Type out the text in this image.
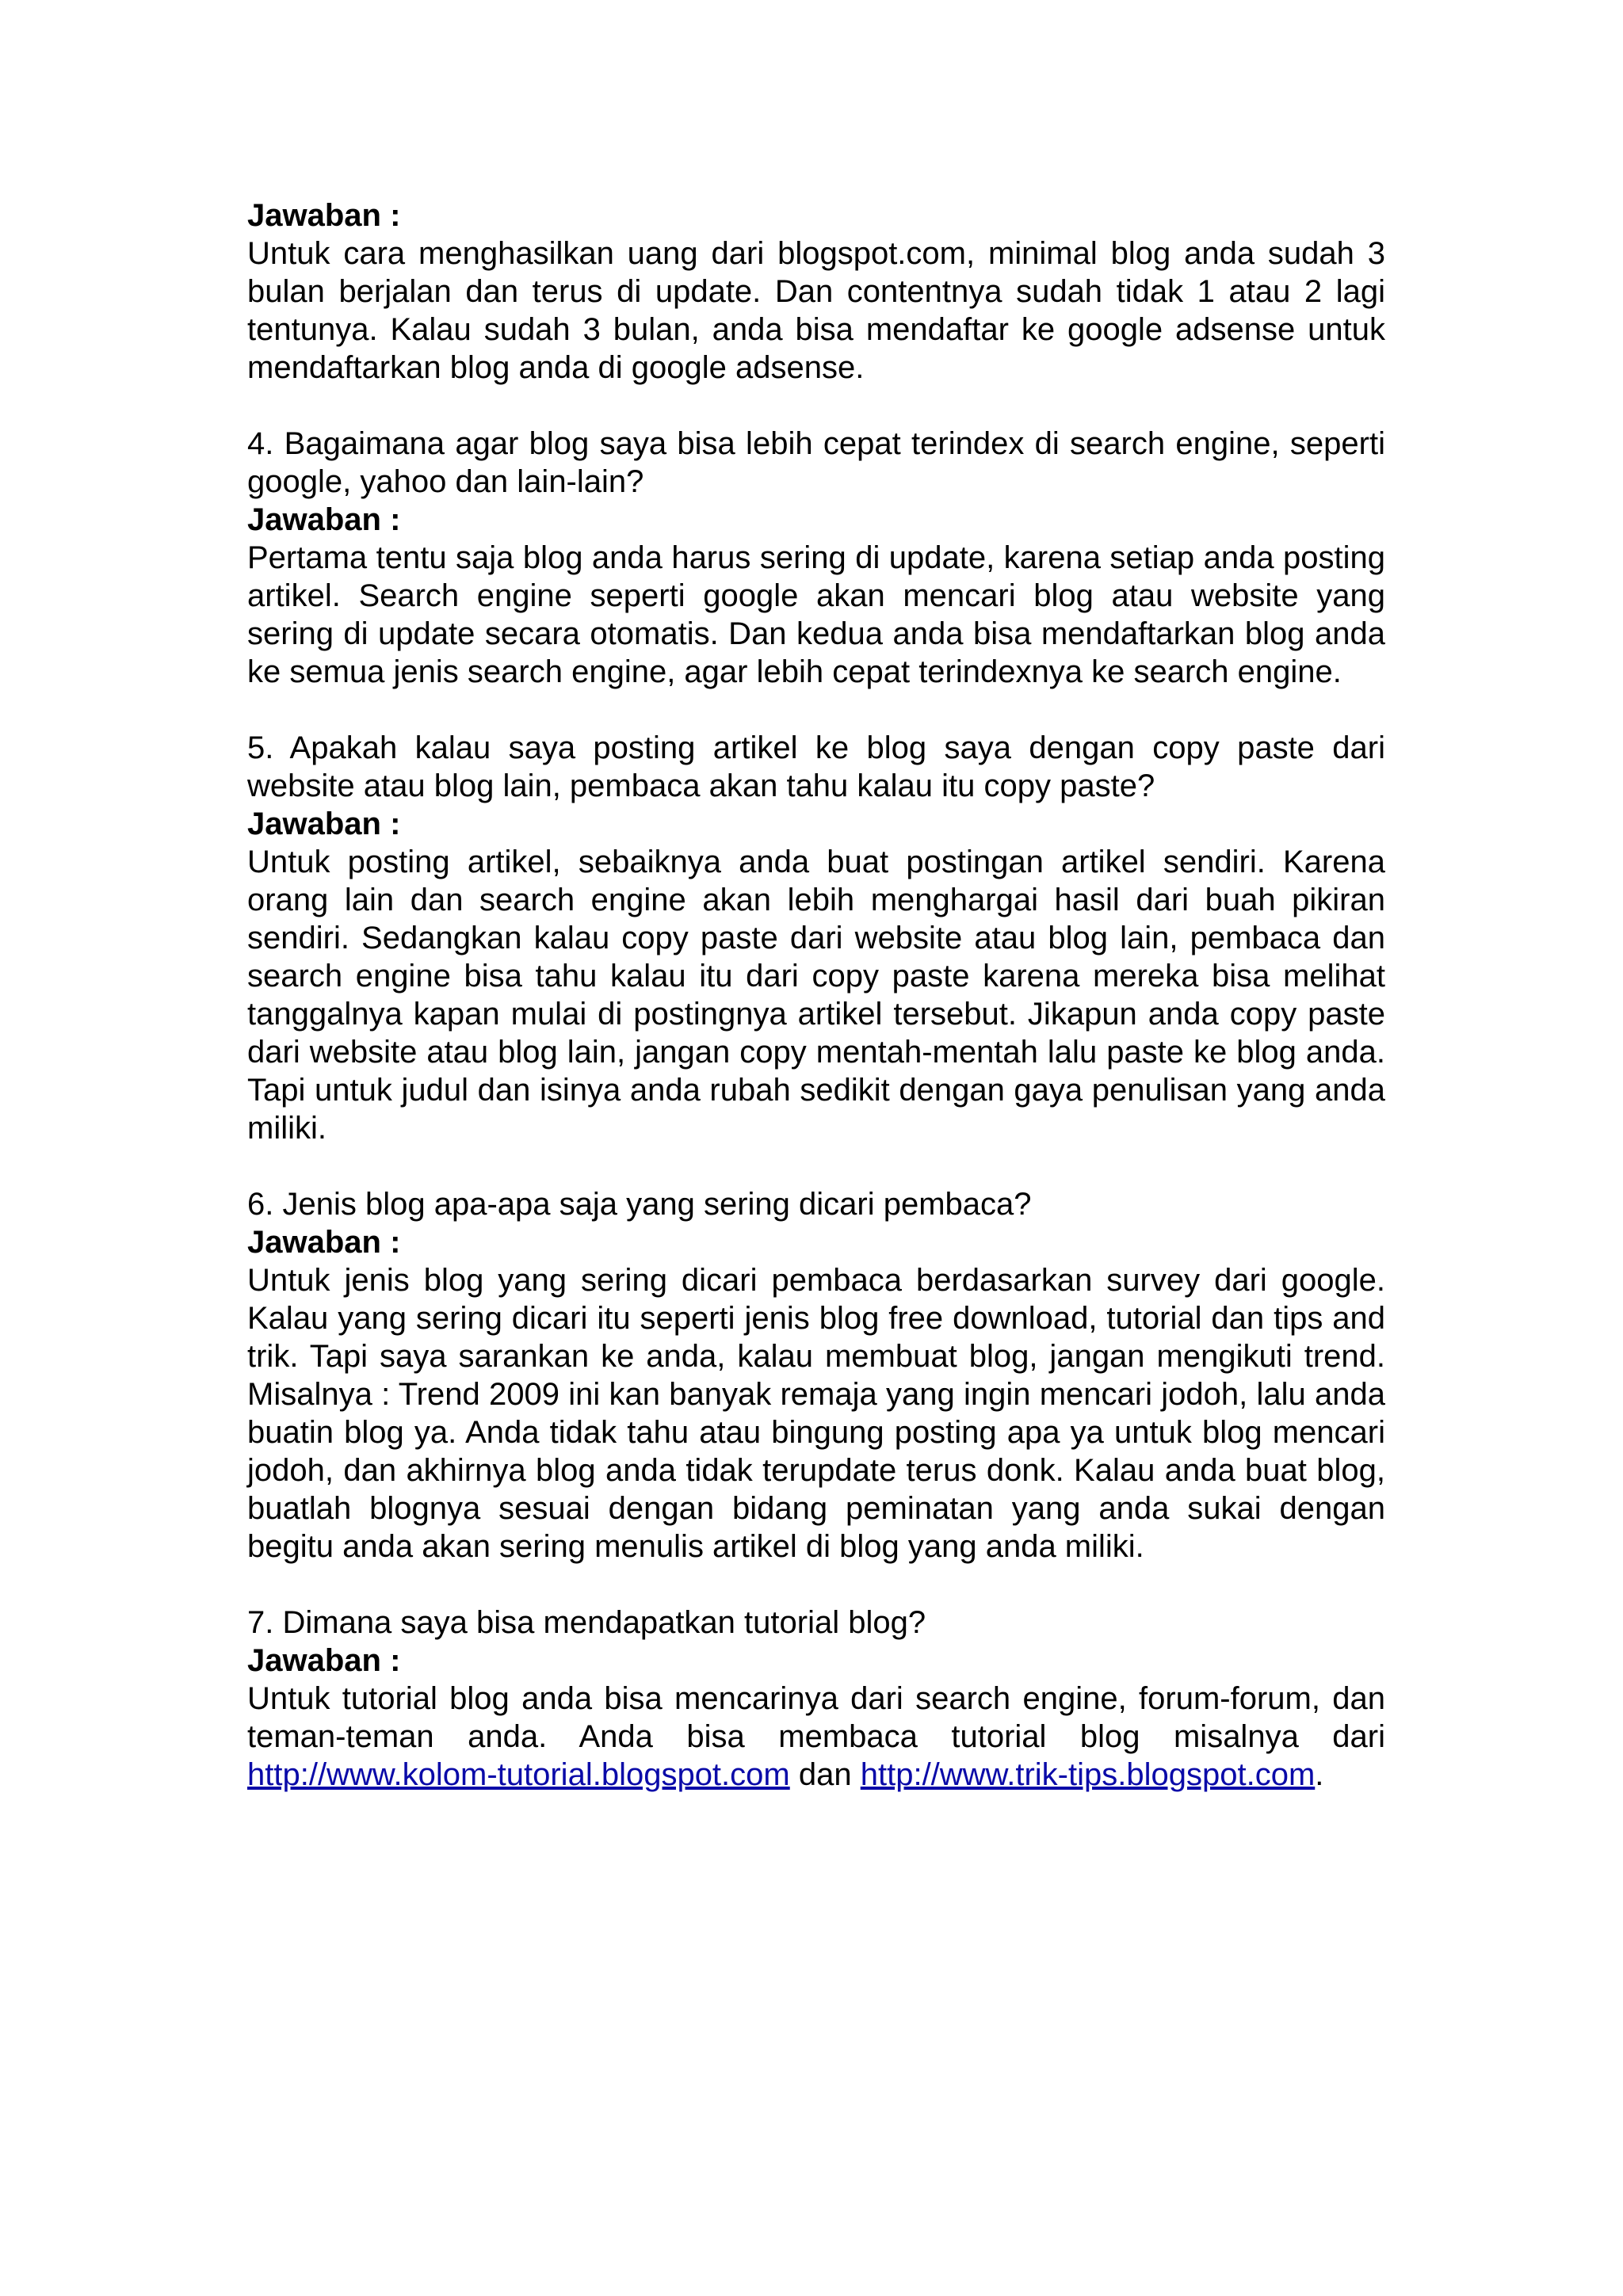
Jawaban :
Untuk cara menghasilkan uang dari blogspot.com, minimal blog anda sudah 3 bulan berjalan dan terus di update. Dan contentnya sudah tidak 1 atau 2 lagi tentunya. Kalau sudah 3 bulan, anda bisa mendaftar ke google adsense untuk mendaftarkan blog anda di google adsense.
4. Bagaimana agar blog saya bisa lebih cepat terindex di search engine, seperti google, yahoo dan lain-lain?
Jawaban :
Pertama tentu saja blog anda harus sering di update, karena setiap anda posting artikel. Search engine seperti google akan mencari blog atau website yang sering di update secara otomatis. Dan kedua anda bisa mendaftarkan blog anda ke semua jenis search engine, agar lebih cepat terindexnya ke search engine.
5. Apakah kalau saya posting artikel ke blog saya dengan copy paste dari website atau blog lain, pembaca akan tahu kalau itu copy paste?
Jawaban :
Untuk posting artikel, sebaiknya anda buat postingan artikel sendiri. Karena orang lain dan search engine akan lebih menghargai hasil dari buah pikiran sendiri. Sedangkan kalau copy paste dari website atau blog lain, pembaca dan search engine bisa tahu kalau itu dari copy paste karena mereka bisa melihat tanggalnya kapan mulai di postingnya artikel tersebut. Jikapun anda copy paste dari website atau blog lain, jangan copy mentah-mentah lalu paste ke blog anda. Tapi untuk judul dan isinya anda rubah sedikit dengan gaya penulisan yang anda miliki.
6. Jenis blog apa-apa saja yang sering dicari pembaca?
Jawaban :
Untuk jenis blog yang sering dicari pembaca berdasarkan survey dari google. Kalau yang sering dicari itu seperti jenis blog free download, tutorial dan tips and trik. Tapi saya sarankan ke anda, kalau membuat blog, jangan mengikuti trend. Misalnya : Trend 2009 ini kan banyak remaja yang ingin mencari jodoh, lalu anda buatin blog ya. Anda tidak tahu atau bingung posting apa ya untuk blog mencari jodoh, dan akhirnya blog anda tidak terupdate terus donk. Kalau anda buat blog, buatlah blognya sesuai dengan bidang peminatan yang anda sukai dengan begitu anda akan sering menulis artikel di blog yang anda miliki.
7. Dimana saya bisa mendapatkan tutorial blog?
Jawaban :
Untuk tutorial blog anda bisa mencarinya dari search engine, forum-forum, dan teman-teman anda. Anda bisa membaca tutorial blog misalnya dari http://www.kolom-tutorial.blogspot.com dan http://www.trik-tips.blogspot.com.
